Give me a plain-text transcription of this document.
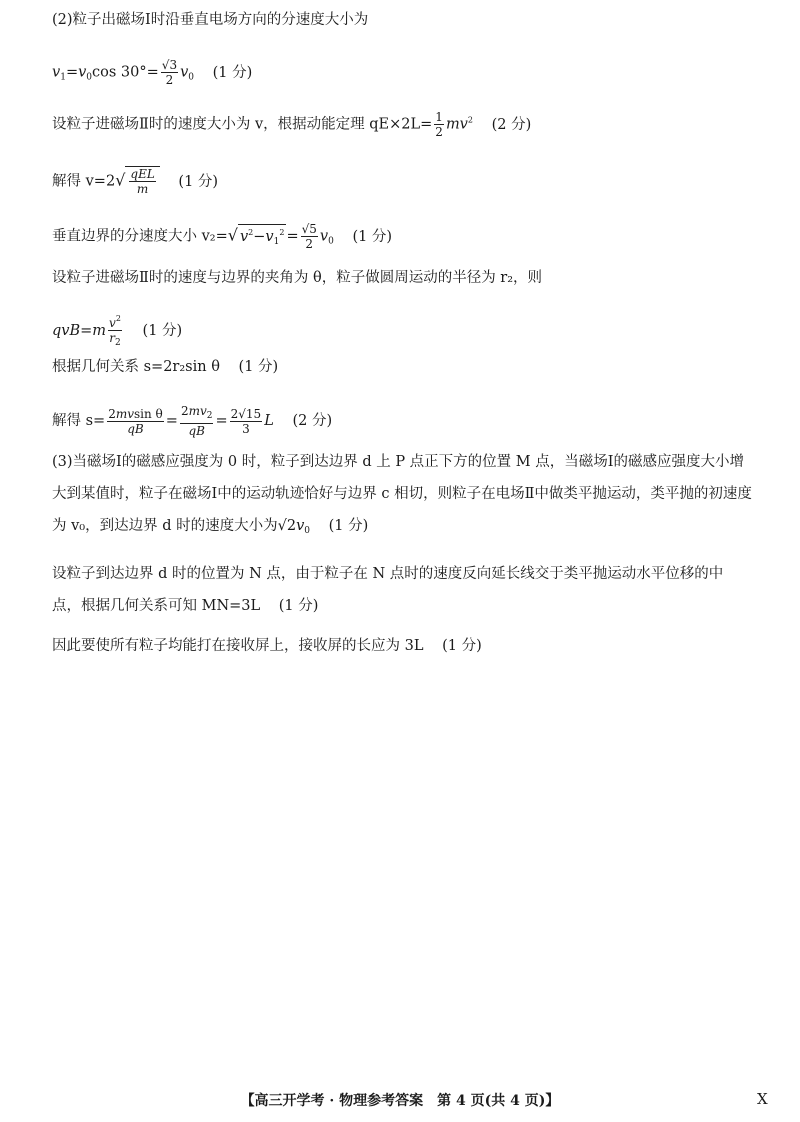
(2)粒子出磁场Ⅰ时沿垂直电场方向的分速度大小为
$v_1=v_0\cos$ $30^\circ= \frac{√3}{2} v_0$ (1 分)
设粒子进磁场Ⅱ时的速度大小为 v，根据动能定理 $qE\times 2L= \frac{1}{2} mv^2$ (2 分)
解得 $v=2√ \frac{\text{qEL}}{m} (1$ 分)
垂直边界的分速度大小 v₂=√ $v^2-v_1^2 = \frac{√5}{2} v_0$ (1 分)
设粒子进磁场Ⅱ时的速度与边界的夹角为 θ，粒子做圆周运动的半径为 r₂，则
$qvB=m \frac{v^2}{r_2} (1$ 分)
根据几何关系 s=2r₂sin θ (1 分)
解得 $s= \frac{\text{2mvsin θ}}{qB} = \frac{2mv_2}{qB} = \frac{2√15}{3}$ L (2 分)
(3)当磁场Ⅰ的磁感应强度为 0 时，粒子到达边界 d 上 P 点正下方的位置 M 点，当磁场Ⅰ的磁感应强度大小增大到某值时，粒子在磁场Ⅰ中的运动轨迹恰好与边界 c 相切，则粒子在电场Ⅱ中做类平抛运动，类平抛的初速度为 v₀，到达边界 d 时的速度大小为$√2v_0$ (1 分)
设粒子到达边界 d 时的位置为 N 点，由于粒子在 N 点时的速度反向延长线交于类平抛运动水平位移的中点，根据几何关系可知 MN=3L (1 分)
因此要使所有粒子均能打在接收屏上，接收屏的长应为 3L (1 分)
【高三开学考 · 物理参考答案　第 4 页(共 4 页)】	X
